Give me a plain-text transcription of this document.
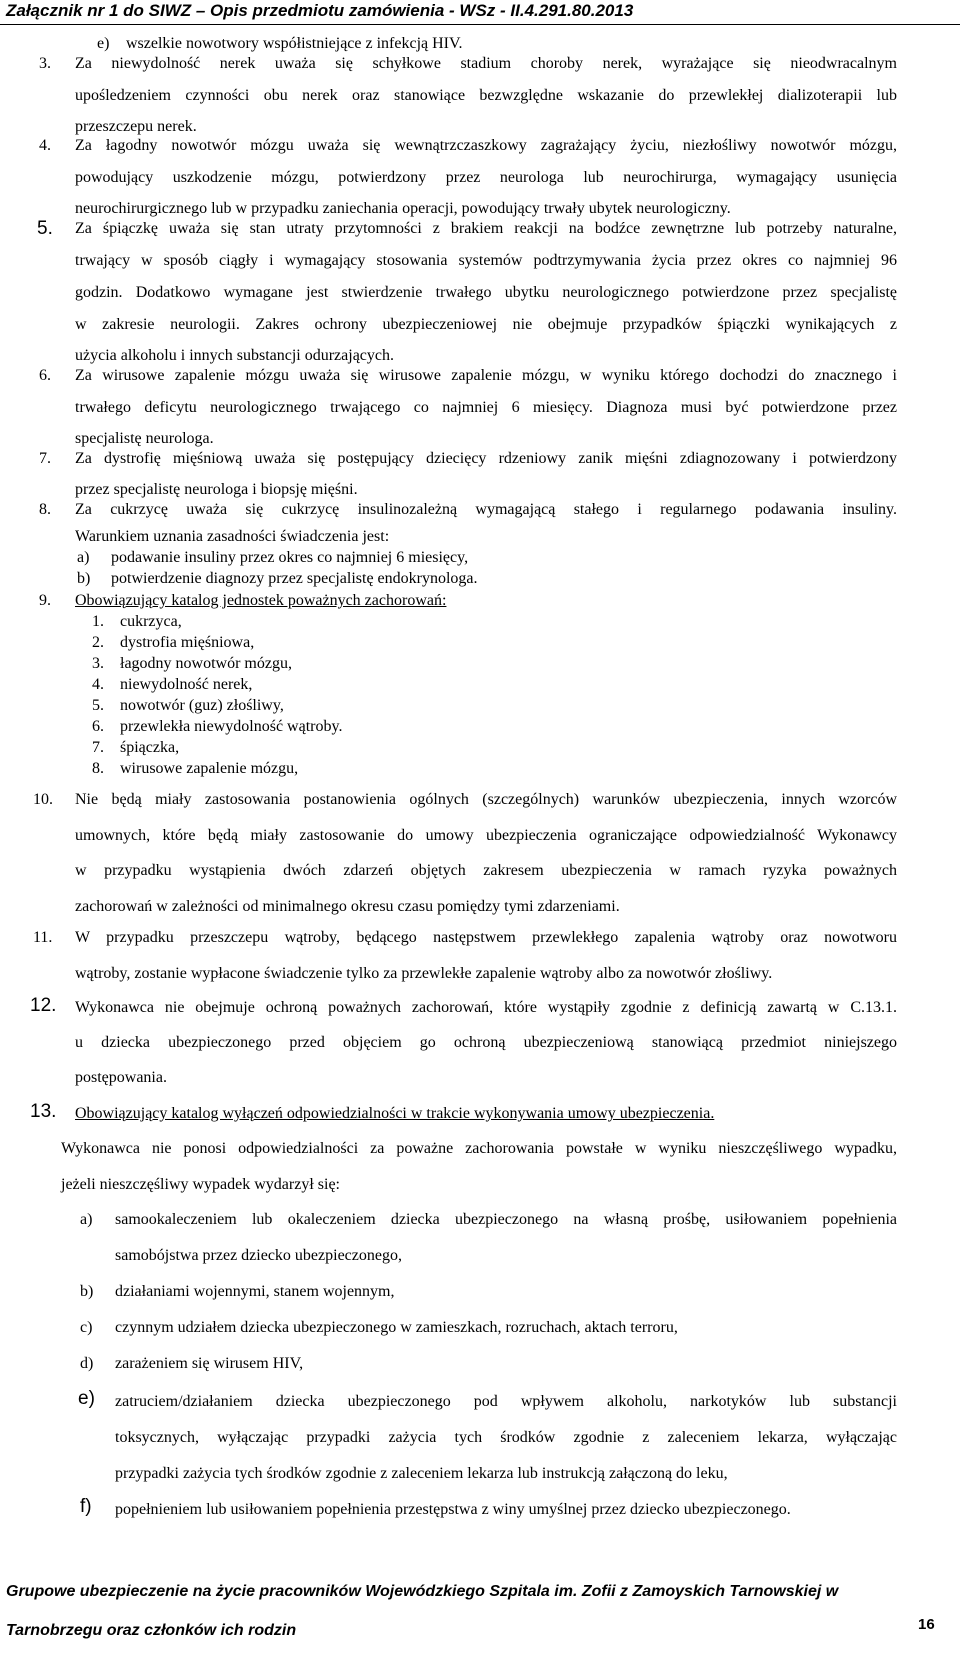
Załącznik nr 1 do SIWZ – Opis przedmiotu zamówienia - WSz - II.4.291.80.2013
e) wszelkie nowotwory współistniejące z infekcją HIV.
3. Za niewydolność nerek uważa się schyłkowe stadium choroby nerek, wyrażające się nieodwracalnym
upośledzeniem czynności obu nerek oraz stanowiące bezwzględne wskazanie do przewlekłej dializoterapii lub
przeszczepu nerek.
4. Za łagodny nowotwór mózgu uważa się wewnątrzczaszkowy zagrażający życiu, niezłośliwy nowotwór mózgu,
powodujący uszkodzenie mózgu, potwierdzony przez neurologa lub neurochirurga, wymagający usunięcia
neurochirurgicznego lub w przypadku zaniechania operacji, powodujący trwały ubytek neurologiczny.
5. Za śpiączkę uważa się stan utraty przytomności z brakiem reakcji na bodźce zewnętrzne lub potrzeby naturalne,
trwający w sposób ciągły i wymagający stosowania systemów podtrzymywania życia przez okres co najmniej 96
godzin. Dodatkowo wymagane jest stwierdzenie trwałego ubytku neurologicznego potwierdzone przez specjalistę
w zakresie neurologii. Zakres ochrony ubezpieczeniowej nie obejmuje przypadków śpiączki wynikających z
użycia alkoholu i innych substancji odurzających.
6. Za wirusowe zapalenie mózgu uważa się wirusowe zapalenie mózgu, w wyniku którego dochodzi do znacznego i
trwałego deficytu neurologicznego trwającego co najmniej 6 miesięcy. Diagnoza musi być potwierdzone przez
specjalistę neurologa.
7. Za dystrofię mięśniową uważa się postępujący dziecięcy rdzeniowy zanik mięśni zdiagnozowany i potwierdzony
przez specjalistę neurologa i biopsję mięśni.
8. Za cukrzycę uważa się cukrzycę insulinozależną wymagającą stałego i regularnego podawania insuliny.
Warunkiem uznania zasadności świadczenia jest:
a) podawanie insuliny przez okres co najmniej 6 miesięcy,
b) potwierdzenie diagnozy przez specjalistę endokrynologa.
9. Obowiązujący katalog jednostek poważnych zachorowań:
1. cukrzyca,
2. dystrofia mięśniowa,
3. łagodny nowotwór mózgu,
4. niewydolność nerek,
5. nowotwór (guz) złośliwy,
6. przewlekła niewydolność wątroby.
7. śpiączka,
8. wirusowe zapalenie mózgu,
10. Nie będą miały zastosowania postanowienia ogólnych (szczególnych) warunków ubezpieczenia, innych wzorców
umownych, które będą miały zastosowanie do umowy ubezpieczenia ograniczające odpowiedzialność Wykonawcy
w przypadku wystąpienia dwóch zdarzeń objętych zakresem ubezpieczenia w ramach ryzyka poważnych
zachorowań w zależności od minimalnego okresu czasu pomiędzy tymi zdarzeniami.
11. W przypadku przeszczepu wątroby, będącego następstwem przewlekłego zapalenia wątroby oraz nowotworu
wątroby, zostanie wypłacone świadczenie tylko za przewlekłe zapalenie wątroby albo za nowotwór złośliwy.
12. Wykonawca nie obejmuje ochroną poważnych zachorowań, które wystąpiły zgodnie z definicją zawartą w C.13.1.
u dziecka ubezpieczonego przed objęciem go ochroną ubezpieczeniową stanowiącą przedmiot niniejszego
postępowania.
13. Obowiązujący katalog wyłączeń odpowiedzialności w trakcie wykonywania umowy ubezpieczenia.
Wykonawca nie ponosi odpowiedzialności za poważne zachorowania powstałe w wyniku nieszczęśliwego wypadku,
jeżeli nieszczęśliwy wypadek wydarzył się:
a) samookaleczeniem lub okaleczeniem dziecka ubezpieczonego na własną prośbę, usiłowaniem popełnienia
samobójstwa przez dziecko ubezpieczonego,
b) działaniami wojennymi, stanem wojennym,
c) czynnym udziałem dziecka ubezpieczonego w zamieszkach, rozruchach, aktach terroru,
d) zarażeniem się wirusem HIV,
e) zatruciem/działaniem dziecka ubezpieczonego pod wpływem alkoholu, narkotyków lub substancji
toksycznych, wyłączając przypadki zażycia tych środków zgodnie z zaleceniem lekarza, wyłączając
przypadki zażycia tych środków zgodnie z zaleceniem lekarza lub instrukcją załączoną do leku,
f) popełnieniem lub usiłowaniem popełnienia przestępstwa z winy umyślnej przez dziecko ubezpieczonego.
Grupowe ubezpieczenie na życie pracowników Wojewódzkiego Szpitala im. Zofii z Zamoyskich Tarnowskiej w
Tarnobrzegu oraz członków ich rodzin	16
